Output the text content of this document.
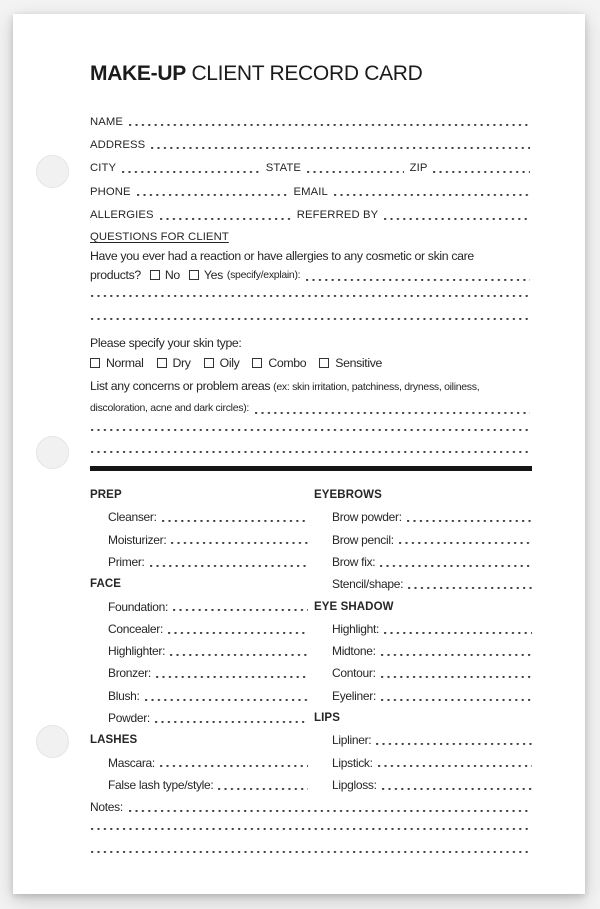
MAKE-UP CLIENT RECORD CARD
NAME
ADDRESS
CITY	STATE	ZIP
PHONE	EMAIL
ALLERGIES	REFERRED BY
QUESTIONS FOR CLIENT
Have you ever had a reaction or have allergies to any cosmetic or skin care
products? No Yes (specify/explain):
Please specify your skin type:
Normal Dry Oily Combo Sensitive
List any concerns or problem areas (ex: skin irritation, patchiness, dryness, oiliness,
discoloration, acne and dark circles):
PREP
Cleanser:
Moisturizer:
Primer:
FACE
Foundation:
Concealer:
Highlighter:
Bronzer:
Blush:
Powder:
LASHES
Mascara:
False lash type/style:
EYEBROWS
Brow powder:
Brow pencil:
Brow fix:
Stencil/shape:
EYE SHADOW
Highlight:
Midtone:
Contour:
Eyeliner:
LIPS
Lipliner:
Lipstick:
Lipgloss:
Notes:
